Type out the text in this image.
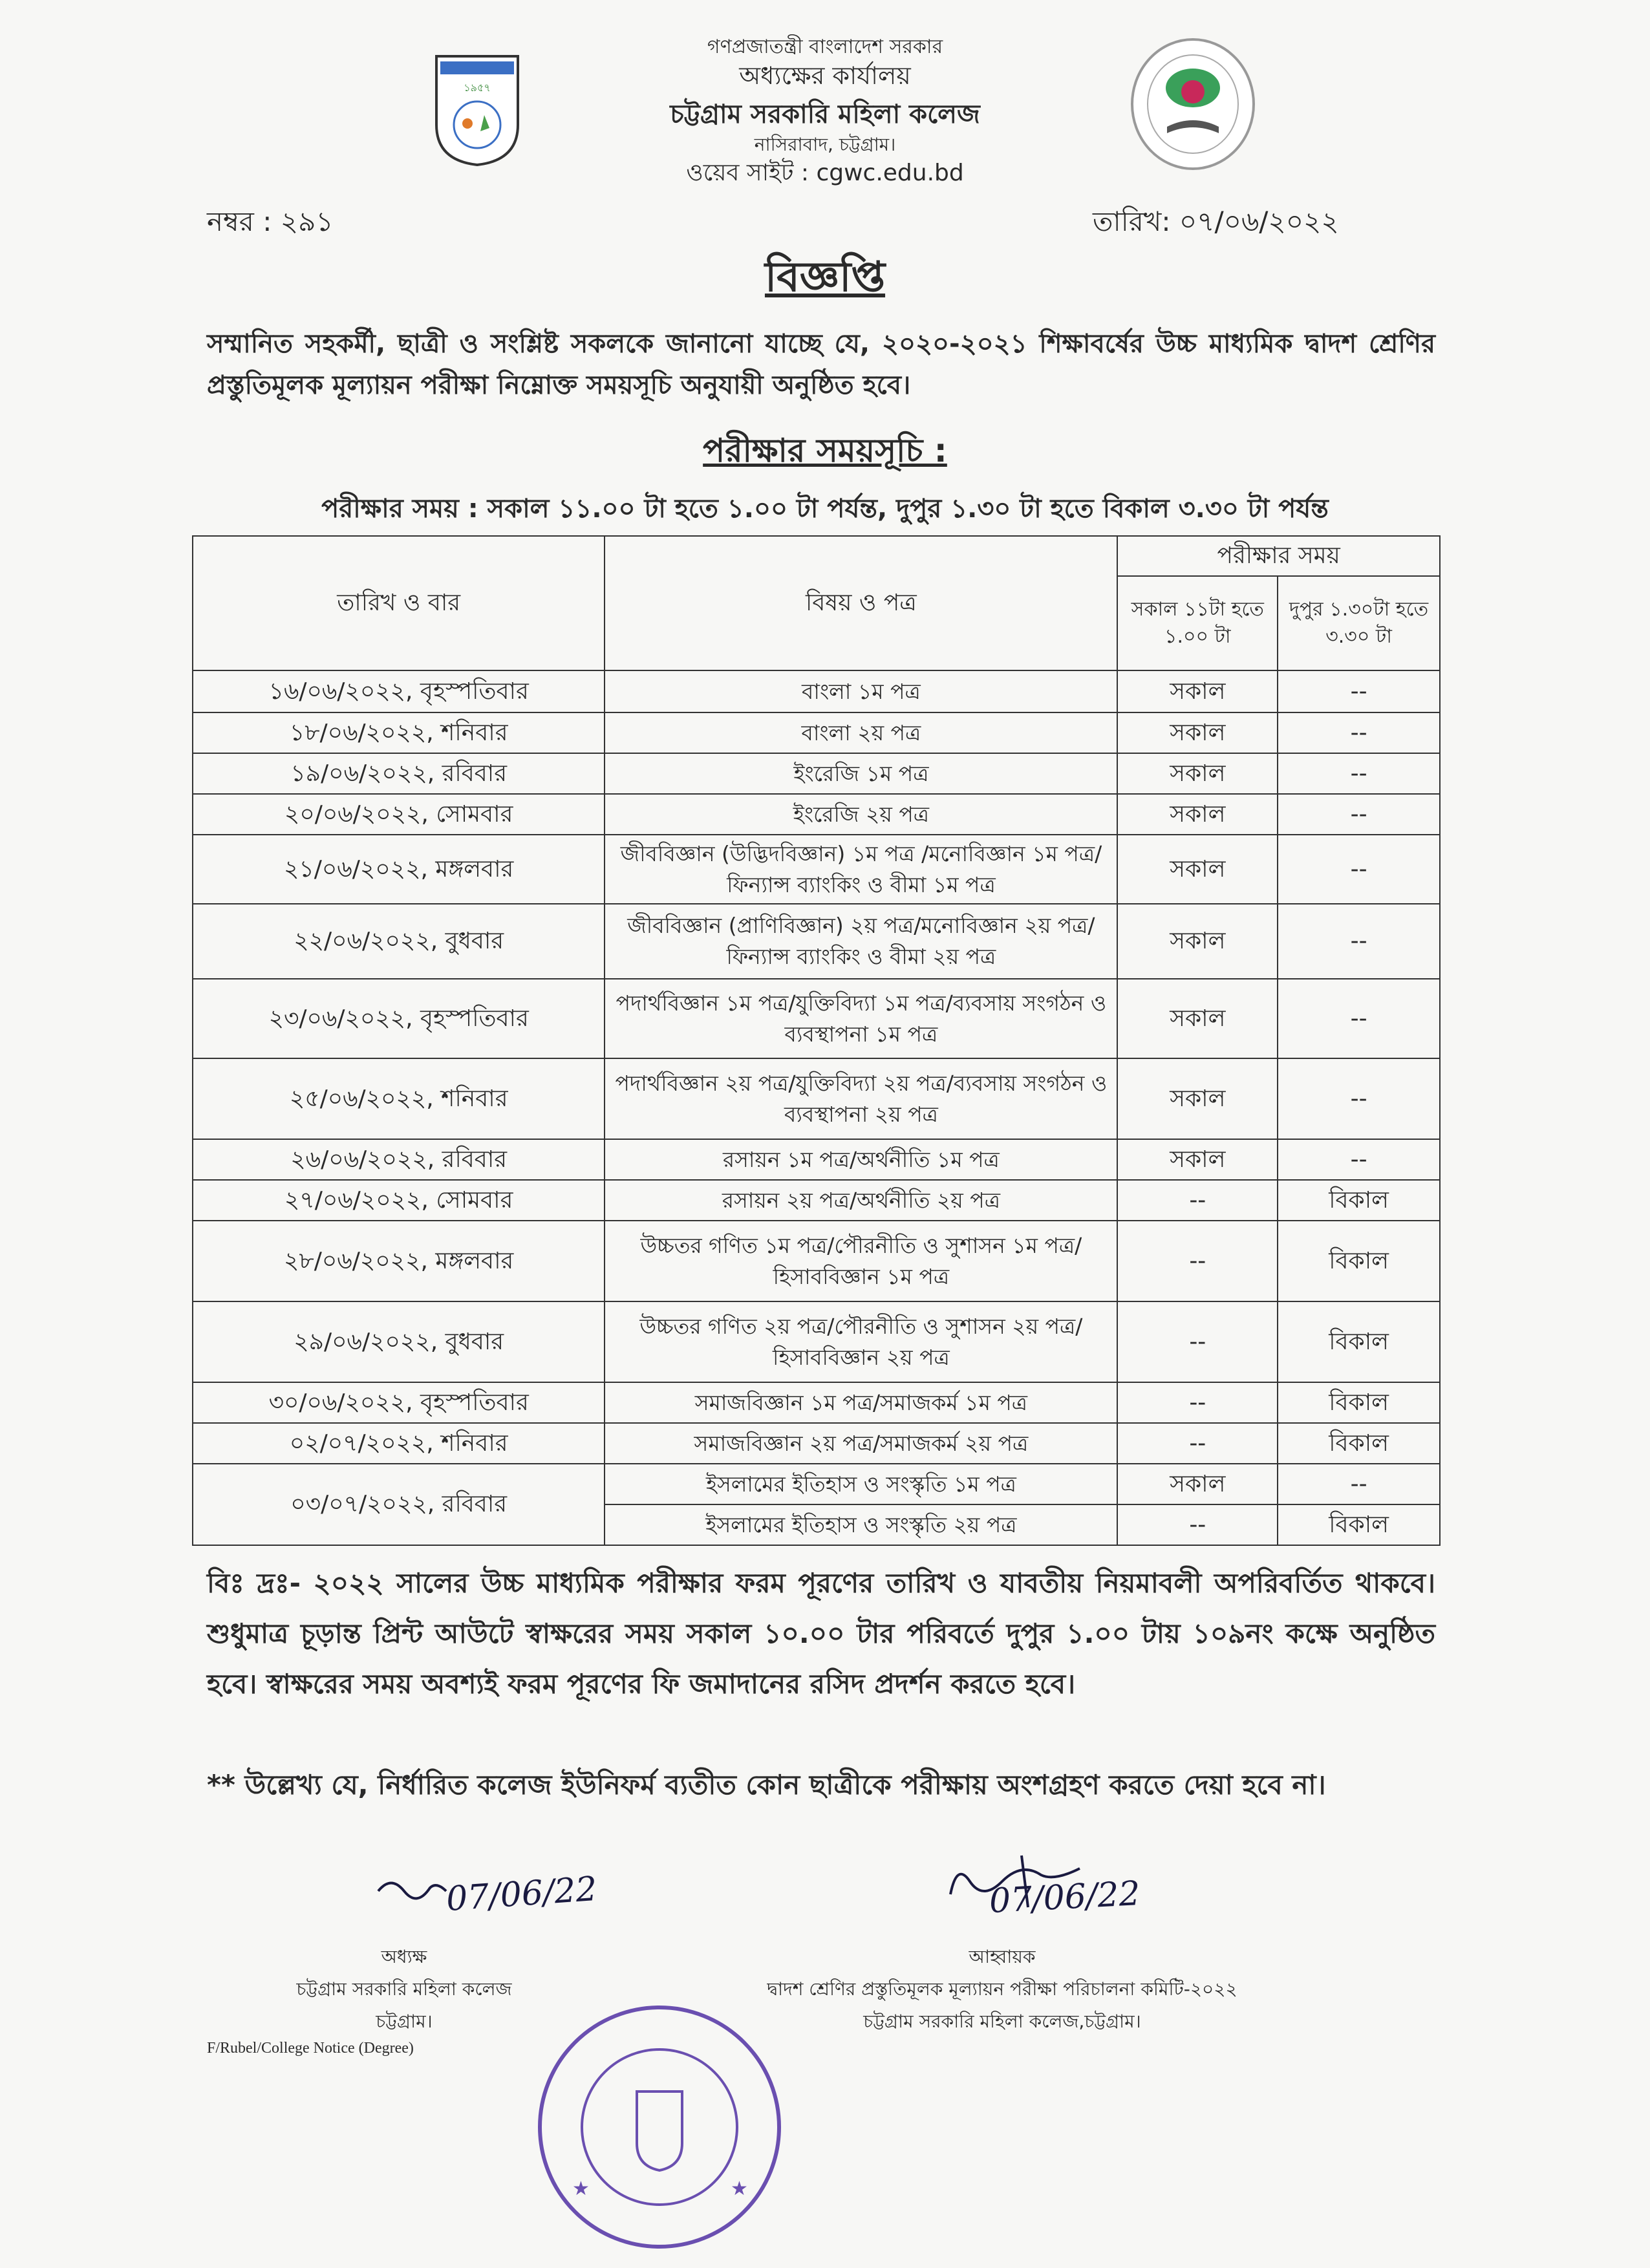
১৯৫৭
গণপ্রজাতন্ত্রী বাংলাদেশ সরকার
অধ্যক্ষের কার্যালয়
চট্টগ্রাম সরকারি মহিলা কলেজ
নাসিরাবাদ, চট্টগ্রাম।
ওয়েব সাইট : cgwc.edu.bd
নম্বর : ২৯১	তারিখ: ০৭/০৬/২০২২
বিজ্ঞপ্তি
সম্মানিত সহকর্মী, ছাত্রী ও সংশ্লিষ্ট সকলকে জানানো যাচ্ছে যে, ২০২০-২০২১ শিক্ষাবর্ষের উচ্চ মাধ্যমিক দ্বাদশ শ্রেণির প্রস্তুতিমূলক মূল্যায়ন পরীক্ষা নিম্নোক্ত সময়সূচি অনুযায়ী অনুষ্ঠিত হবে।
পরীক্ষার সময়সূচি :
পরীক্ষার সময় : সকাল ১১.০০ টা হতে ১.০০ টা পর্যন্ত, দুপুর ১.৩০ টা হতে বিকাল ৩.৩০ টা পর্যন্ত
তারিখ ও বার	বিষয় ও পত্র	পরীক্ষার সময়	
		সকাল ১১টা হতে ১.০০ টা	দুপুর ১.৩০টা হতে ৩.৩০ টা
১৬/০৬/২০২২, বৃহস্পতিবার	বাংলা ১ম পত্র	সকাল	--
১৮/০৬/২০২২, শনিবার	বাংলা ২য় পত্র	সকাল	--
১৯/০৬/২০২২, রবিবার	ইংরেজি ১ম পত্র	সকাল	--
২০/০৬/২০২২, সোমবার	ইংরেজি ২য় পত্র	সকাল	--
২১/০৬/২০২২, মঙ্গলবার	জীববিজ্ঞান (উদ্ভিদবিজ্ঞান) ১ম পত্র /মনোবিজ্ঞান ১ম পত্র/ফিন্যান্স ব্যাংকিং ও বীমা ১ম পত্র	সকাল	--
২২/০৬/২০২২, বুধবার	জীববিজ্ঞান (প্রাণিবিজ্ঞান) ২য় পত্র/মনোবিজ্ঞান ২য় পত্র/ফিন্যান্স ব্যাংকিং ও বীমা ২য় পত্র	সকাল	--
২৩/০৬/২০২২, বৃহস্পতিবার	পদার্থবিজ্ঞান ১ম পত্র/যুক্তিবিদ্যা ১ম পত্র/ব্যবসায় সংগঠন ও ব্যবস্থাপনা ১ম পত্র	সকাল	--
২৫/০৬/২০২২, শনিবার	পদার্থবিজ্ঞান ২য় পত্র/যুক্তিবিদ্যা ২য় পত্র/ব্যবসায় সংগঠন ও ব্যবস্থাপনা ২য় পত্র	সকাল	--
২৬/০৬/২০২২, রবিবার	রসায়ন ১ম পত্র/অর্থনীতি ১ম পত্র	সকাল	--
২৭/০৬/২০২২, সোমবার	রসায়ন ২য় পত্র/অর্থনীতি ২য় পত্র	--	বিকাল
২৮/০৬/২০২২, মঙ্গলবার	উচ্চতর গণিত ১ম পত্র/পৌরনীতি ও সুশাসন ১ম পত্র/হিসাববিজ্ঞান ১ম পত্র	--	বিকাল
২৯/০৬/২০২২, বুধবার	উচ্চতর গণিত ২য় পত্র/পৌরনীতি ও সুশাসন ২য় পত্র/হিসাববিজ্ঞান ২য় পত্র	--	বিকাল
৩০/০৬/২০২২, বৃহস্পতিবার	সমাজবিজ্ঞান ১ম পত্র/সমাজকর্ম ১ম পত্র	--	বিকাল
০২/০৭/২০২২, শনিবার	সমাজবিজ্ঞান ২য় পত্র/সমাজকর্ম ২য় পত্র	--	বিকাল
০৩/০৭/২০২২, রবিবার	ইসলামের ইতিহাস ও সংস্কৃতি ১ম পত্র	সকাল	--
	ইসলামের ইতিহাস ও সংস্কৃতি ২য় পত্র	--	বিকাল
বিঃ দ্রঃ- ২০২২ সালের উচ্চ মাধ্যমিক পরীক্ষার ফরম পূরণের তারিখ ও যাবতীয় নিয়মাবলী অপরিবর্তিত থাকবে। শুধুমাত্র চূড়ান্ত প্রিন্ট আউটে স্বাক্ষরের সময় সকাল ১০.০০ টার পরিবর্তে দুপুর ১.০০ টায় ১০৯নং কক্ষে অনুষ্ঠিত হবে। স্বাক্ষরের সময় অবশ্যই ফরম পূরণের ফি জমাদানের রসিদ প্রদর্শন করতে হবে।
** উল্লেখ্য যে, নির্ধারিত কলেজ ইউনিফর্ম ব্যতীত কোন ছাত্রীকে পরীক্ষায় অংশগ্রহণ করতে দেয়া হবে না।
07/06/22
অধ্যক্ষ
চট্টগ্রাম সরকারি মহিলা কলেজ
চট্টগ্রাম।
07/06/22
আহ্বায়ক
দ্বাদশ শ্রেণির প্রস্তুতিমূলক মূল্যায়ন পরীক্ষা পরিচালনা কমিটি-২০২২
চট্টগ্রাম সরকারি মহিলা কলেজ,চট্টগ্রাম।
F/Rubel/College Notice (Degree)
★	★
